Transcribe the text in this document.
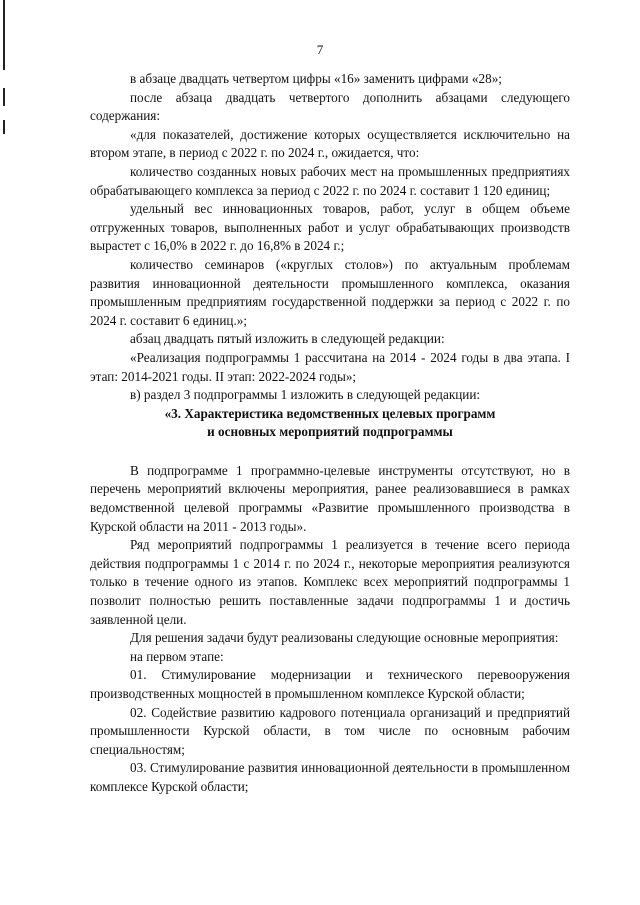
7

в абзаце двадцать четвертом цифры «16» заменить цифрами «28»;

после абзаца двадцать четвертого дополнить абзацами следующего содержания:

«для показателей, достижение которых осуществляется исключительно на втором этапе, в период с 2022 г. по 2024 г., ожидается, что:

количество созданных новых рабочих мест на промышленных предприятиях обрабатывающего комплекса за период с 2022 г. по 2024 г. составит 1 120 единиц;

удельный вес инновационных товаров, работ, услуг в общем объеме отгруженных товаров, выполненных работ и услуг обрабатывающих производств вырастет с 16,0% в 2022 г. до 16,8% в 2024 г.;

количество семинаров («круглых столов») по актуальным проблемам развития инновационной деятельности промышленного комплекса, оказания промышленным предприятиям государственной поддержки за период с 2022 г. по 2024 г. составит 6 единиц.»;

абзац двадцать пятый изложить в следующей редакции:

«Реализация подпрограммы 1 рассчитана на 2014 - 2024 годы в два этапа. I этап: 2014-2021 годы. II этап: 2022-2024 годы»;

в) раздел 3 подпрограммы 1 изложить в следующей редакции:

«3. Характеристика ведомственных целевых программ

и основных мероприятий подпрограммы

В подпрограмме 1 программно-целевые инструменты отсутствуют, но в перечень мероприятий включены мероприятия, ранее реализовавшиеся в рамках ведомственной целевой программы «Развитие промышленного производства в Курской области на 2011 - 2013 годы».

Ряд мероприятий подпрограммы 1 реализуется в течение всего периода действия подпрограммы 1 с 2014 г. по 2024 г., некоторые мероприятия реализуются только в течение одного из этапов. Комплекс всех мероприятий подпрограммы 1 позволит полностью решить поставленные задачи подпрограммы 1 и достичь заявленной цели.

Для решения задачи будут реализованы следующие основные мероприятия:

на первом этапе:

01. Стимулирование модернизации и технического перевооружения производственных мощностей в промышленном комплексе Курской области;

02. Содействие развитию кадрового потенциала организаций и предприятий промышленности Курской области, в том числе по основным рабочим специальностям;

03. Стимулирование развития инновационной деятельности в промышленном комплексе Курской области;
